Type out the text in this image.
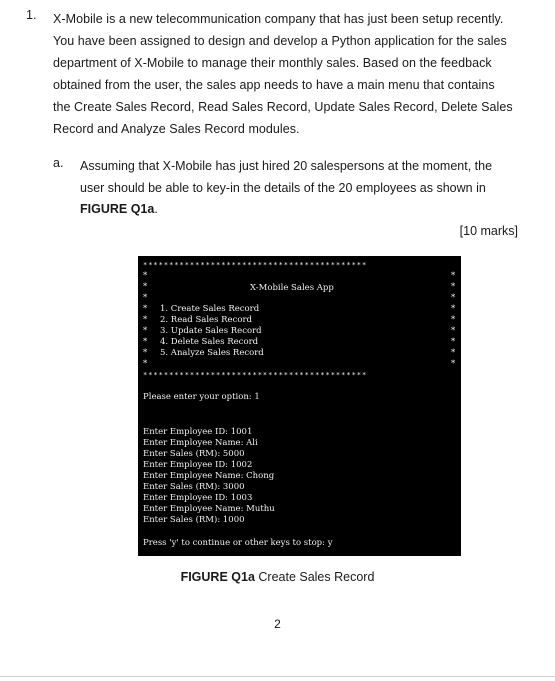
1. X-Mobile is a new telecommunication company that has just been setup recently.
You have been assigned to design and develop a Python application for the sales
department of X-Mobile to manage their monthly sales. Based on the feedback
obtained from the user, the sales app needs to have a main menu that contains
the Create Sales Record, Read Sales Record, Update Sales Record, Delete Sales
Record and Analyze Sales Record modules.
a. Assuming that X-Mobile has just hired 20 salespersons at the moment, the
user should be able to key-in the details of the 20 employees as shown in
FIGURE Q1a.
[10 marks]
*******************************************
*	*
*	*
*	*
*	*
*	*
*	*
*	*
*	*
*	*
X-Mobile Sales App
1. Create Sales Record
2. Read Sales Record
3. Update Sales Record
4. Delete Sales Record
5. Analyze Sales Record
*******************************************
Please enter your option: 1
Enter Employee ID: 1001
Enter Employee Name: Ali
Enter Sales (RM): 5000
Enter Employee ID: 1002
Enter Employee Name: Chong
Enter Sales (RM): 3000
Enter Employee ID: 1003
Enter Employee Name: Muthu
Enter Sales (RM): 1000
Press 'y' to continue or other keys to stop: y
FIGURE Q1a Create Sales Record
2
